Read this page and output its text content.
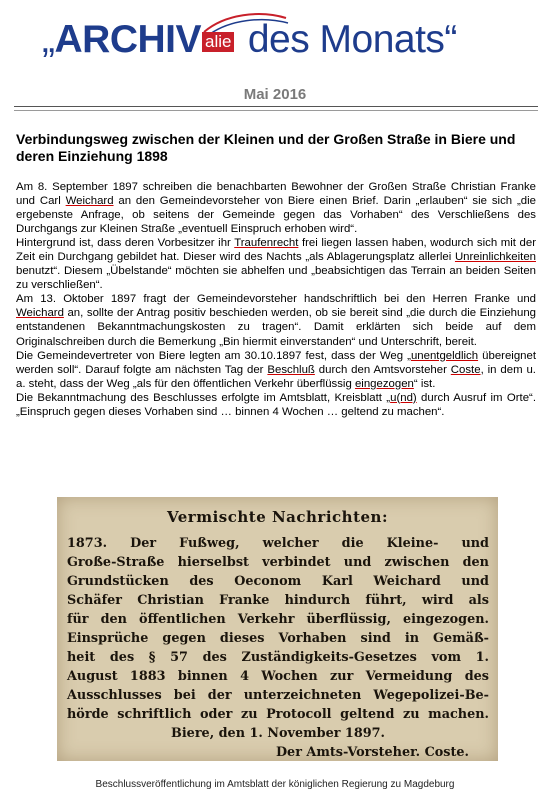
„ARCHIV alie des Monats“
Mai 2016
Verbindungsweg zwischen der Kleinen und der Großen Straße in Biere und deren Einziehung 1898

Am 8. September 1897 schreiben die benachbarten Bewohner der Großen Straße Christian Franke und Carl Weichard an den Gemeindevorsteher von Biere einen Brief. Darin „erlauben“ sie sich „die ergebenste Anfrage, ob seitens der Gemeinde gegen das Vorhaben“ des Verschließens des Durchgangs zur Kleinen Straße „eventuell Einspruch erhoben wird“.

Hintergrund ist, dass deren Vorbesitzer ihr Traufenrecht frei liegen lassen haben, wodurch sich mit der Zeit ein Durchgang gebildet hat. Dieser wird des Nachts „als Ablagerungsplatz allerlei Unreinlichkeiten benutzt“. Diesem „Übelstande“ möchten sie abhelfen und „beabsichtigen das Terrain an beiden Seiten zu verschließen“.

Am 13. Oktober 1897 fragt der Gemeindevorsteher handschriftlich bei den Herren Franke und Weichard an, sollte der Antrag positiv beschieden werden, ob sie bereit sind „die durch die Einziehung entstandenen Bekanntmachungskosten zu tragen“. Damit erklärten sich beide auf dem Originalschreiben durch die Bemerkung „Bin hiermit einverstanden“ und Unterschrift, bereit.

Die Gemeindevertreter von Biere legten am 30.10.1897 fest, dass der Weg „unentgeldlich übereignet werden soll“. Darauf folgte am nächsten Tag der Beschluß durch den Amtsvorsteher Coste, in dem u. a. steht, dass der Weg „als für den öffentlichen Verkehr überflüssig eingezogen“ ist.

Die Bekanntmachung des Beschlusses erfolgte im Amtsblatt, Kreisblatt „u(nd) durch Ausruf im Orte“. „Einspruch gegen dieses Vorhaben sind … binnen 4 Wochen … geltend zu machen“.

Vermischte Nachrichten:
1873. Der Fußweg, welcher die Kleine- und
Große-Straße hierselbst verbindet und zwischen den
Grundstücken des Oeconom Karl Weichard und
Schäfer Christian Franke hindurch führt, wird als
für den öffentlichen Verkehr überflüssig, eingezogen.
Einsprüche gegen dieses Vorhaben sind in Gemäß-
heit des § 57 des Zuständigkeits-Gesetzes vom 1.
August 1883 binnen 4 Wochen zur Vermeidung des
Ausschlusses bei der unterzeichneten Wegepolizei-Be-
hörde schriftlich oder zu Protocoll geltend zu machen.
Biere, den 1. November 1897.
Der Amts-Vorsteher. Coste.
Beschlussveröffentlichung im Amtsblatt der königlichen Regierung zu Magdeburg
